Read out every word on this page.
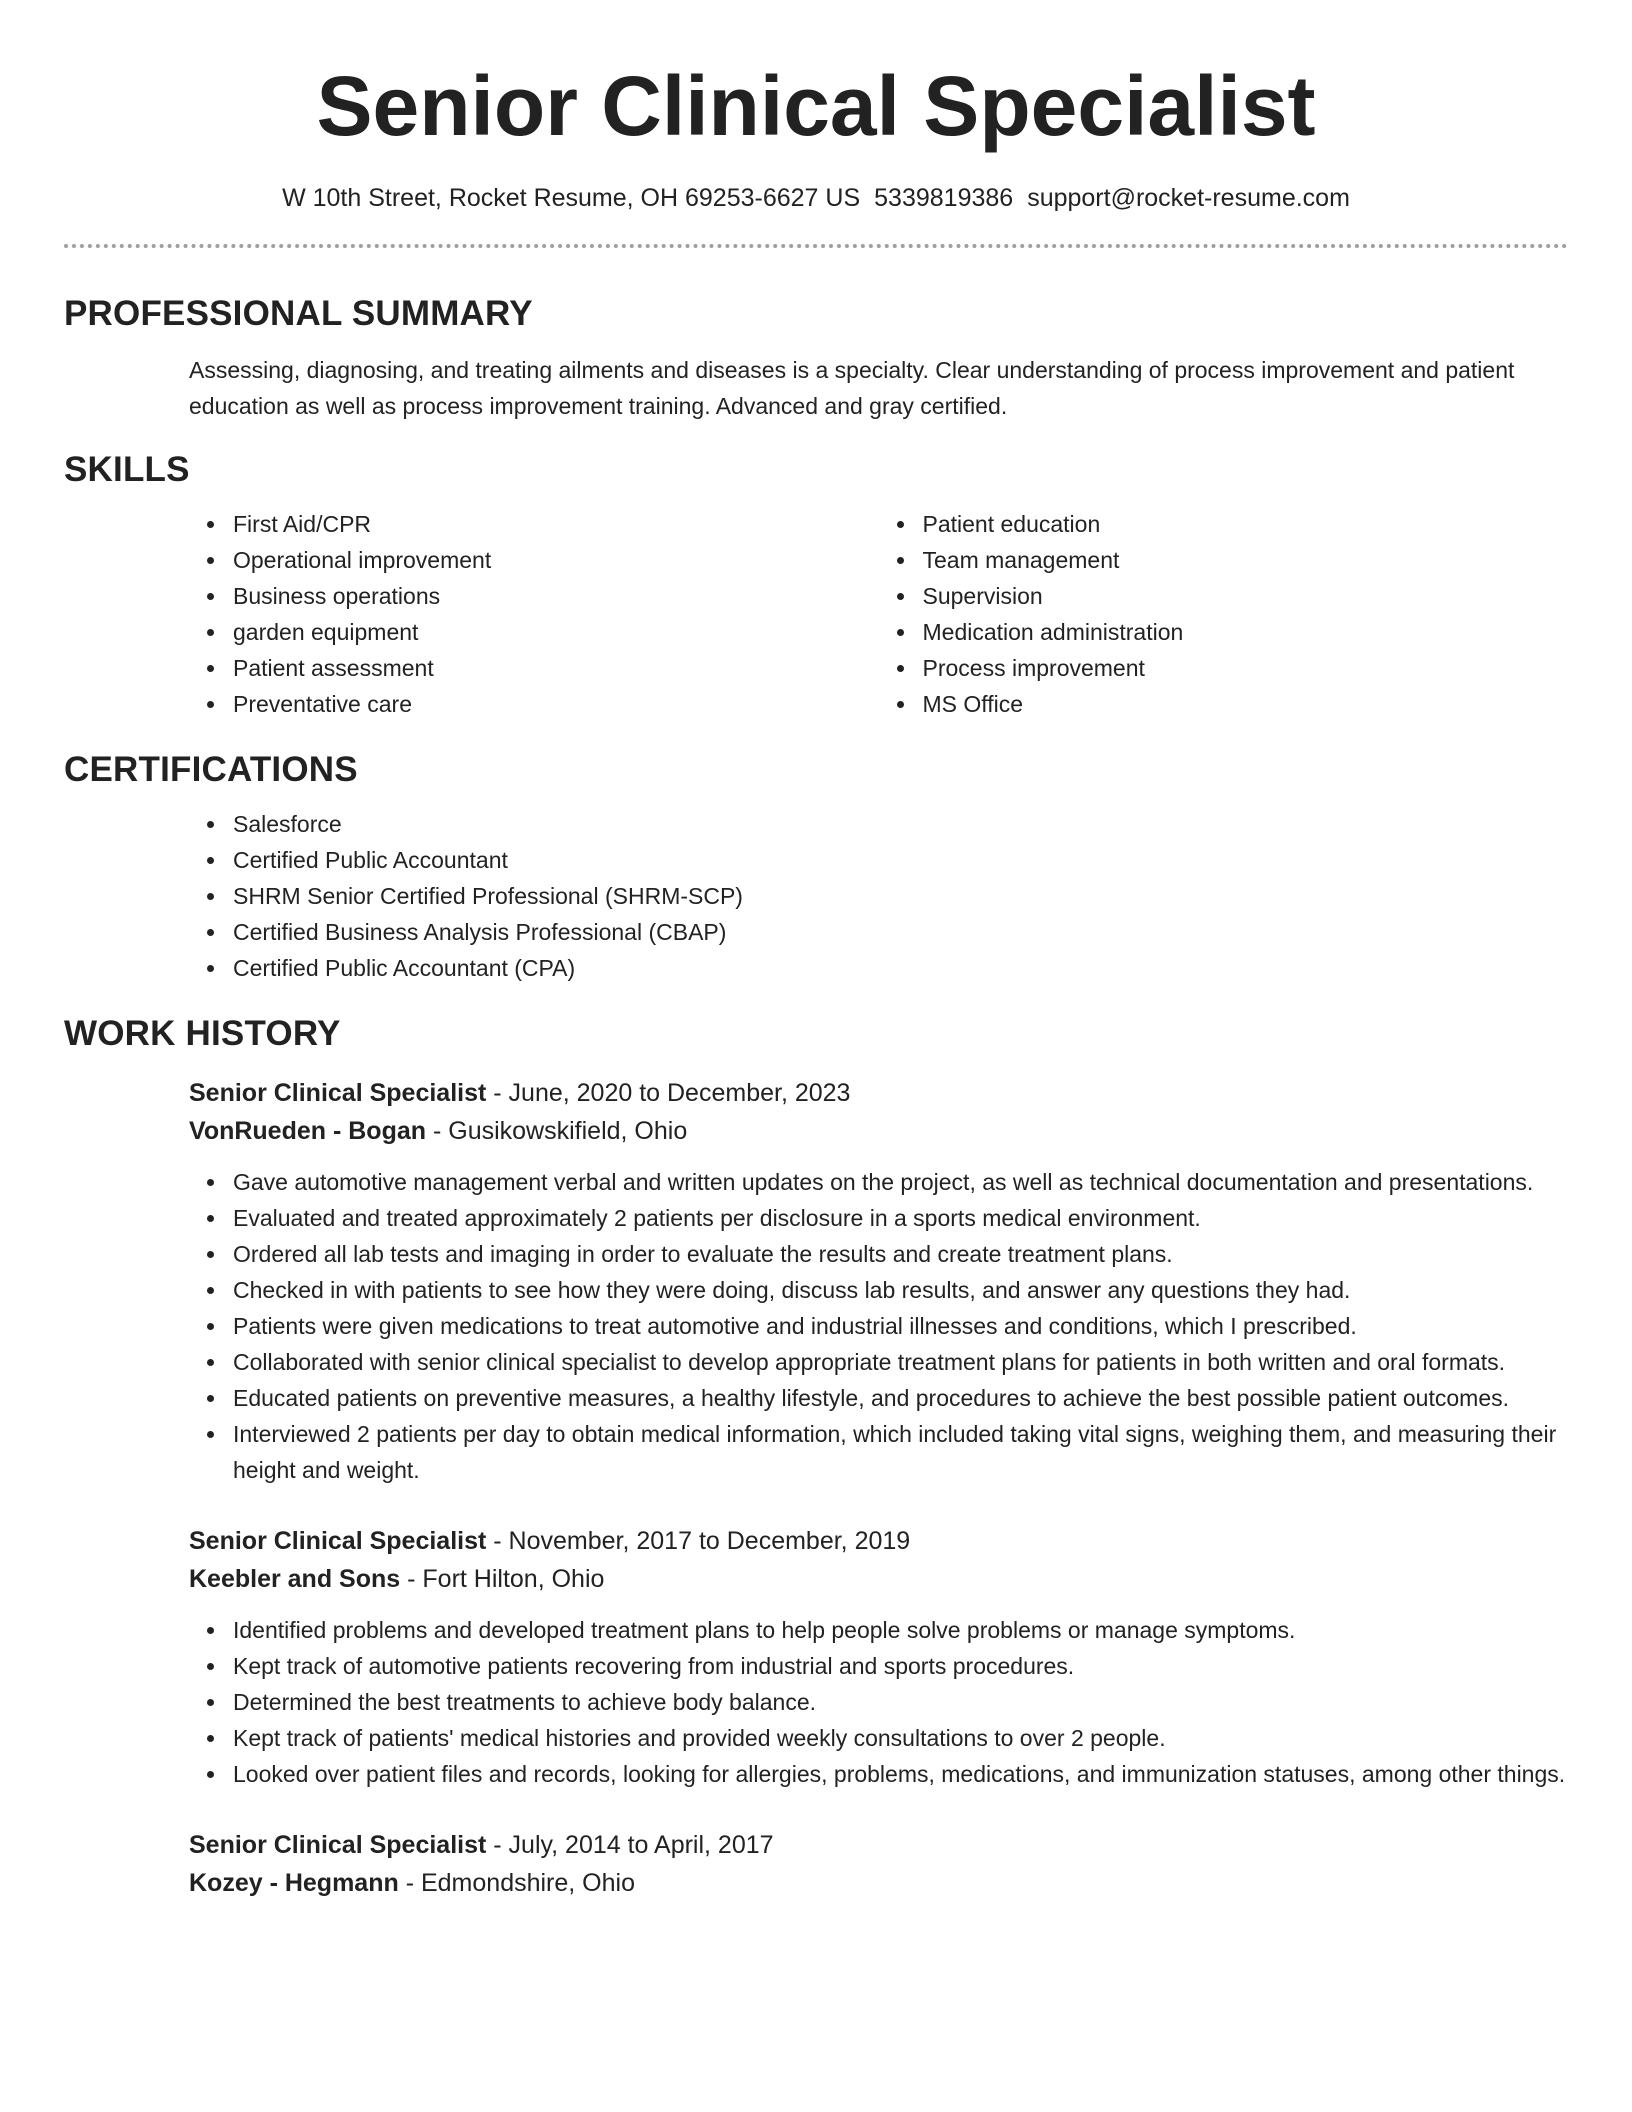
Senior Clinical Specialist
W 10th Street, Rocket Resume, OH 69253-6627 US 5339819386 support@rocket-resume.com
PROFESSIONAL SUMMARY

Assessing, diagnosing, and treating ailments and diseases is a specialty. Clear understanding of process improvement and patient education as well as process improvement training. Advanced and gray certified.

SKILLS
First Aid/CPR
Operational improvement
Business operations
garden equipment
Patient assessment
Preventative care
Patient education
Team management
Supervision
Medication administration
Process improvement
MS Office
CERTIFICATIONS
Salesforce
Certified Public Accountant
SHRM Senior Certified Professional (SHRM-SCP)
Certified Business Analysis Professional (CBAP)
Certified Public Accountant (CPA)
WORK HISTORY
Senior Clinical Specialist - June, 2020 to December, 2023
VonRueden - Bogan - Gusikowskifield, Ohio
Gave automotive management verbal and written updates on the project, as well as technical documentation and presentations.
Evaluated and treated approximately 2 patients per disclosure in a sports medical environment.
Ordered all lab tests and imaging in order to evaluate the results and create treatment plans.
Checked in with patients to see how they were doing, discuss lab results, and answer any questions they had.
Patients were given medications to treat automotive and industrial illnesses and conditions, which I prescribed.
Collaborated with senior clinical specialist to develop appropriate treatment plans for patients in both written and oral formats.
Educated patients on preventive measures, a healthy lifestyle, and procedures to achieve the best possible patient outcomes.
Interviewed 2 patients per day to obtain medical information, which included taking vital signs, weighing them, and measuring their height and weight.
Senior Clinical Specialist - November, 2017 to December, 2019
Keebler and Sons - Fort Hilton, Ohio
Identified problems and developed treatment plans to help people solve problems or manage symptoms.
Kept track of automotive patients recovering from industrial and sports procedures.
Determined the best treatments to achieve body balance.
Kept track of patients' medical histories and provided weekly consultations to over 2 people.
Looked over patient files and records, looking for allergies, problems, medications, and immunization statuses, among other things.
Senior Clinical Specialist - July, 2014 to April, 2017
Kozey - Hegmann - Edmondshire, Ohio
